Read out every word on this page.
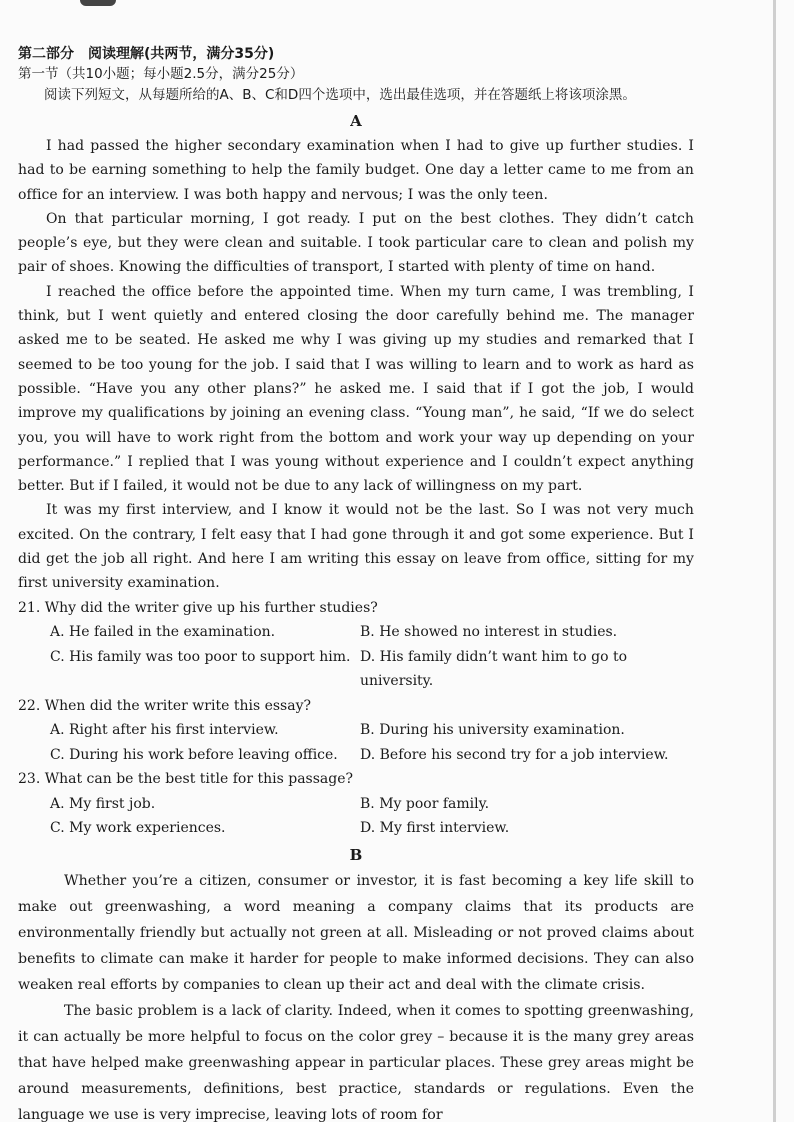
第二部分 阅读理解(共两节，满分35分)

第一节（共10小题；每小题2.5分，满分25分）

阅读下列短文，从每题所给的A、B、C和D四个选项中，选出最佳选项，并在答题纸上将该项涂黑。

A

I had passed the higher secondary examination when I had to give up further studies. I had to be earning something to help the family budget. One day a letter came to me from an office for an interview. I was both happy and nervous; I was the only teen.

On that particular morning, I got ready. I put on the best clothes. They didn’t catch people’s eye, but they were clean and suitable. I took particular care to clean and polish my pair of shoes. Knowing the difficulties of transport, I started with plenty of time on hand.

I reached the office before the appointed time. When my turn came, I was trembling, I think, but I went quietly and entered closing the door carefully behind me. The manager asked me to be seated. He asked me why I was giving up my studies and remarked that I seemed to be too young for the job. I said that I was willing to learn and to work as hard as possible. “Have you any other plans?” he asked me. I said that if I got the job, I would improve my qualifications by joining an evening class. “Young man”, he said, “If we do select you, you will have to work right from the bottom and work your way up depending on your performance.” I replied that I was young without experience and I couldn’t expect anything better. But if I failed, it would not be due to any lack of willingness on my part.

It was my first interview, and I know it would not be the last. So I was not very much excited. On the contrary, I felt easy that I had gone through it and got some experience. But I did get the job all right. And here I am writing this essay on leave from office, sitting for my first university examination.

21. Why did the writer give up his further studies?

A. He failed in the examination.	B. He showed no interest in studies.
C. His family was too poor to support him. D. His family didn’t want him to go to university.

22. When did the writer write this essay?

A. Right after his first interview.	B. During his university examination.
C. During his work before leaving office.	D. Before his second try for a job interview.

23. What can be the best title for this passage?

A. My first job.	B. My poor family.
C. My work experiences.	D. My first interview.
B

Whether you’re a citizen, consumer or investor, it is fast becoming a key life skill to make out greenwashing, a word meaning a company claims that its products are environmentally friendly but actually not green at all. Misleading or not proved claims about benefits to climate can make it harder for people to make informed decisions. They can also weaken real efforts by companies to clean up their act and deal with the climate crisis.

The basic problem is a lack of clarity. Indeed, when it comes to spotting greenwashing, it can actually be more helpful to focus on the color grey – because it is the many grey areas that have helped make greenwashing appear in particular places. These grey areas might be around measurements, definitions, best practice, standards or regulations. Even the language we use is very imprecise, leaving lots of room for
